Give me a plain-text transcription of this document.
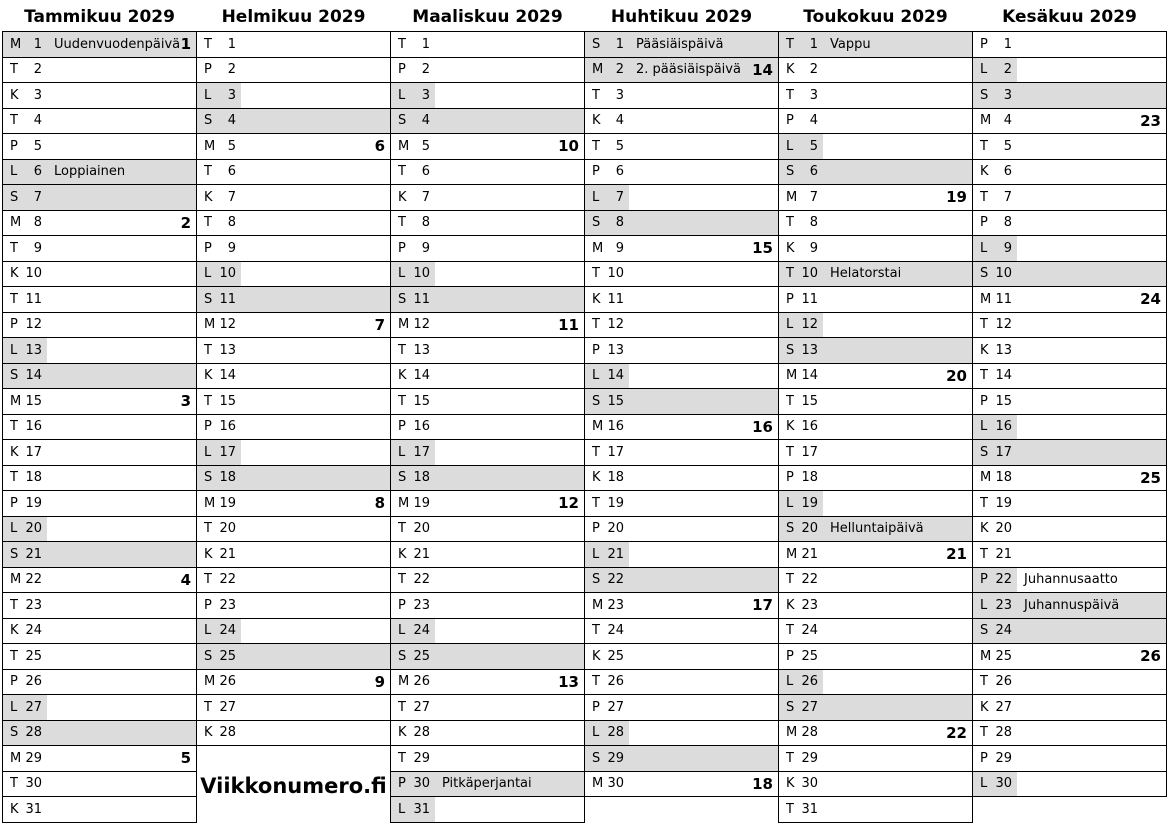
Tammikuu 2029
M 1 Uudenvuodenpäivä 1
T 2
K 3
T 4
P 5
L 6 Loppiainen
S 7
M 8	2
T 9
K 10
T 11
P 12
L 13
S 14
M 15	3
T 16
K 17
T 18
P 19
L 20
S 21
M 22	4
T 23
K 24
T 25
P 26
L 27
S 28
M 29	5
T 30
K 31
Helmikuu 2029
T 1
P 2
L 3
S 4
M 5	6
T 6
K 7
T 8
P 9
L 10
S 11
M 12	7
T 13
K 14
T 15
P 16
L 17
S 18
M 19	8
T 20
K 21
T 22
P 23
L 24
S 25
M 26	9
T 27
K 28
Viikkonumero.fi
Maaliskuu 2029
T 1
P 2
L 3
S 4
M 5	10
T 6
K 7
T 8
P 9
L 10
S 11
M 12	11
T 13
K 14
T 15
P 16
L 17
S 18
M 19	12
T 20
K 21
T 22
P 23
L 24
S 25
M 26	13
T 27
K 28
T 29
P 30 Pitkäperjantai
L 31
Huhtikuu 2029
S 1 Pääsiäispäivä
M 2 2. pääsiäispäivä 14
T 3
K 4
T 5
P 6
L 7
S 8
M 9	15
T 10
K 11
T 12
P 13
L 14
S 15
M 16	16
T 17
K 18
T 19
P 20
L 21
S 22
M 23	17
T 24
K 25
T 26
P 27
L 28
S 29
M 30	18
Toukokuu 2029
T 1 Vappu
K 2
T 3
P 4
L 5
S 6
M 7	19
T 8
K 9
T 10 Helatorstai
P 11
L 12
S 13
M 14	20
T 15
K 16
T 17
P 18
L 19
S 20 Helluntaipäivä
M 21	21
T 22
K 23
T 24
P 25
L 26
S 27
M 28	22
T 29
K 30
T 31
Kesäkuu 2029
P 1
L 2
S 3
M 4	23
T 5
K 6
T 7
P 8
L 9
S 10
M 11	24
T 12
K 13
T 14
P 15
L 16
S 17
M 18	25
T 19
K 20
T 21
P 22 Juhannusaatto
L 23 Juhannuspäivä
S 24
M 25	26
T 26
K 27
T 28
P 29
L 30
